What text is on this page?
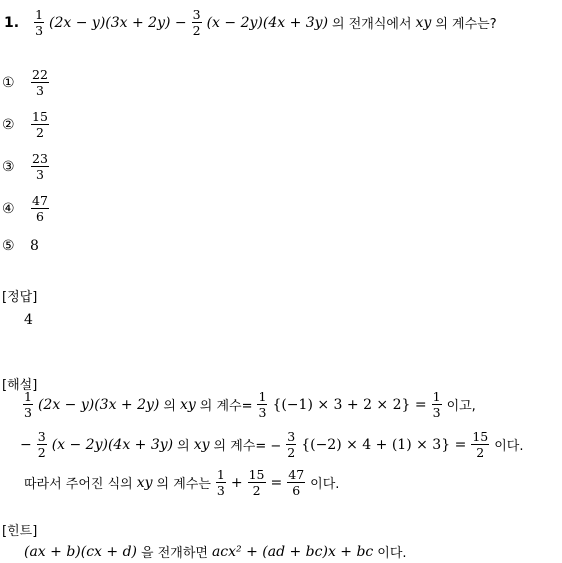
1. $\frac{1}{3} (2x - y)(3x + 2y) - \frac{3}{2} (x - 2y)(4x + 3y)$ 의 전개식에서 xy 의 계수는?
①	$\frac{22}{3}$
②	$\frac{15}{2}$
③	$\frac{23}{3}$
④	$\frac{47}{6}$
⑤	8
[정답]
4
[해설]
$\frac{1}{3} (2x - y)(3x + 2y)$ 의 xy 의 계수= $\frac{1}{3} \{(-1) \times 3 + 2 \times 2\} = \frac{1}{3}$ 이고,
− $\frac{3}{2} (x - 2y)(4x + 3y)$ 의 xy 의 계수= − $\frac{3}{2} \{(-2) \times 4 + (1) \times 3\} = \frac{15}{2}$ 이다.
따라서 주어진 식의 xy 의 계수는 $\frac{1}{3} + \frac{15}{2} = \frac{47}{6}$ 이다.
[힌트]
(ax + b)(cx + d) 을 전개하면 acx² + (ad + bc)x + bc 이다.
